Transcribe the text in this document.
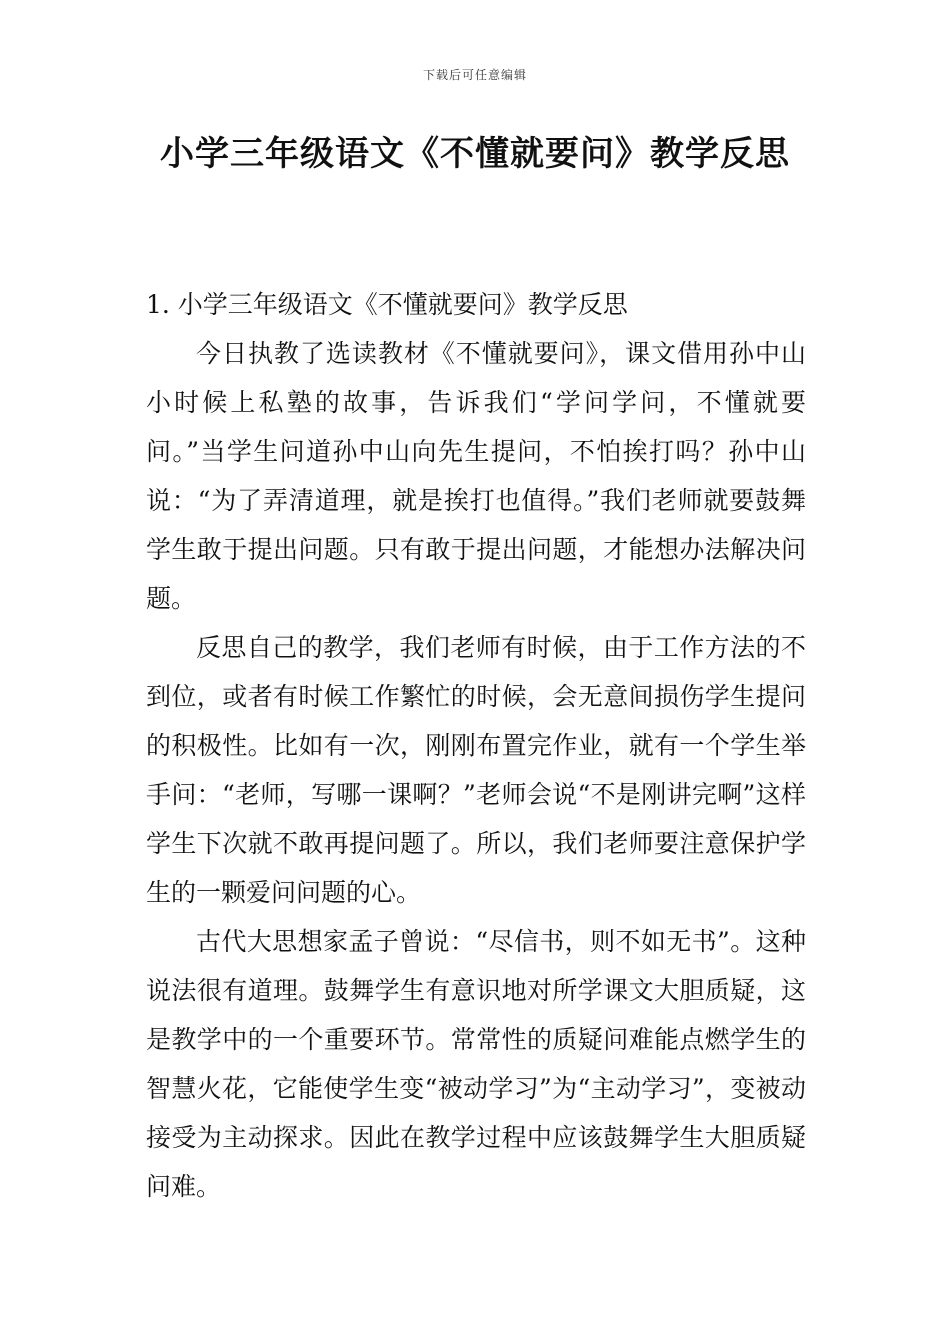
下载后可任意编辑
小学三年级语文《不懂就要问》教学反思

1. 小学三年级语文《不懂就要问》教学反思

今日执教了选读教材《不懂就要问》，课文借用孙中山小时候上私塾的故事，告诉我们“学问学问，不懂就要问。”当学生问道孙中山向先生提问，不怕挨打吗？孙中山说：“为了弄清道理，就是挨打也值得。”我们老师就要鼓舞学生敢于提出问题。只有敢于提出问题，才能想办法解决问题。

反思自己的教学，我们老师有时候，由于工作方法的不到位，或者有时候工作繁忙的时候，会无意间损伤学生提问的积极性。比如有一次，刚刚布置完作业，就有一个学生举手问：“老师，写哪一课啊？”老师会说“不是刚讲完啊”这样学生下次就不敢再提问题了。所以，我们老师要注意保护学生的一颗爱问问题的心。

古代大思想家孟子曾说：“尽信书，则不如无书”。这种说法很有道理。鼓舞学生有意识地对所学课文大胆质疑，这是教学中的一个重要环节。常常性的质疑问难能点燃学生的智慧火花，它能使学生变“被动学习”为“主动学习”，变被动接受为主动探求。因此在教学过程中应该鼓舞学生大胆质疑问难。
